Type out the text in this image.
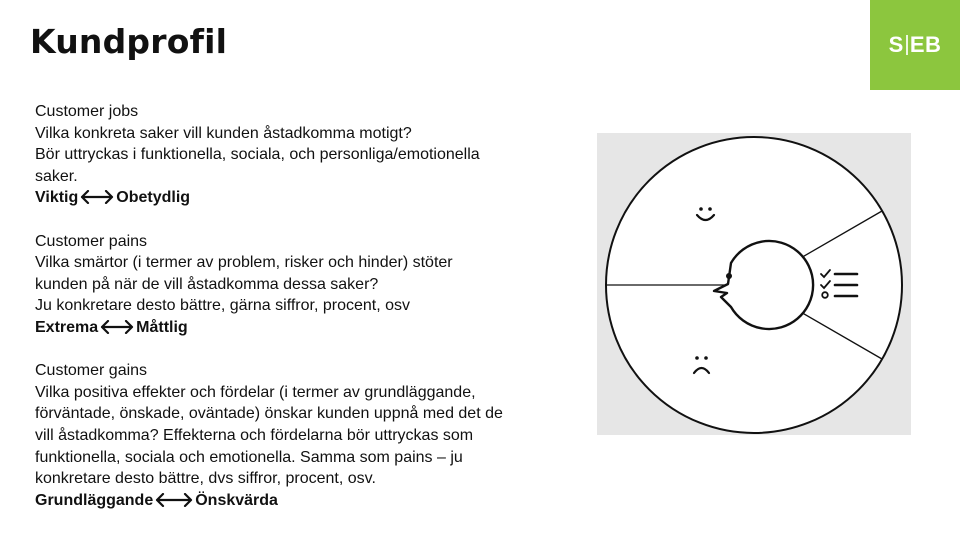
Kundprofil	S EB
Customer jobs
Vilka konkreta saker vill kunden åstadkomma motigt?
Bör uttryckas i funktionella, sociala, och personliga/emotionella
saker.
Viktig Obetydlig
Customer pains
Vilka smärtor (i termer av problem, risker och hinder) stöter
kunden på när de vill åstadkomma dessa saker?
Ju konkretare desto bättre, gärna siffror, procent, osv
Extrema Måttlig
Customer gains
Vilka positiva effekter och fördelar (i termer av grundläggande,
förväntade, önskade, oväntade) önskar kunden uppnå med det de
vill åstadkomma? Effekterna och fördelarna bör uttryckas som
funktionella, sociala och emotionella. Samma som pains – ju
konkretare desto bättre, dvs siffror, procent, osv.
Grundläggande	Önskvärda
